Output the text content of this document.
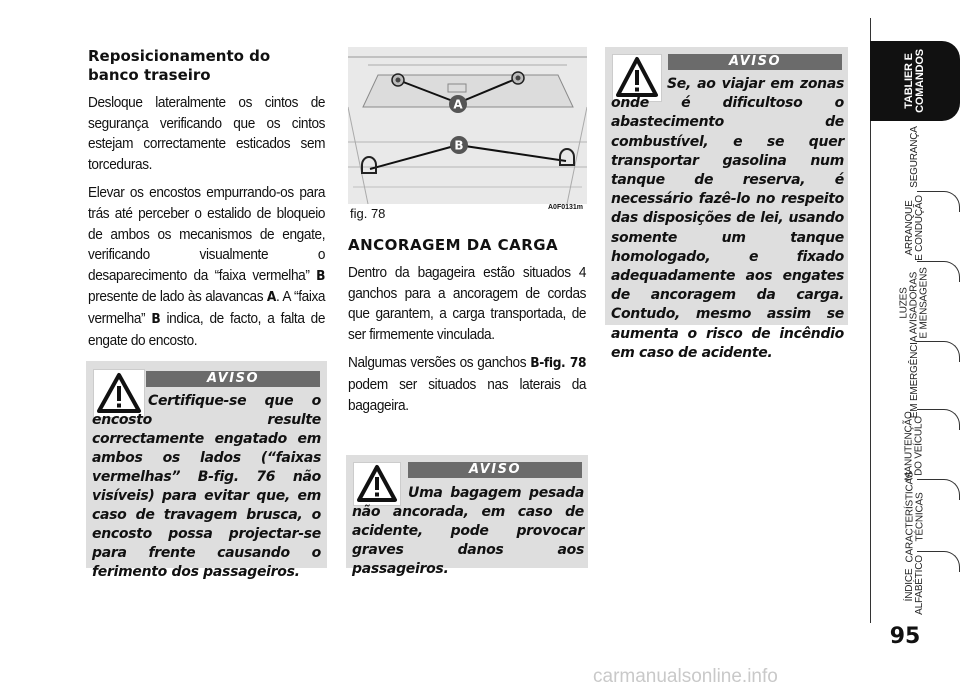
Reposicionamento do
banco traseiro

Desloque lateralmente os cintos de segurança verificando que os cintos estejam correctamente esticados sem torceduras.

Elevar os encostos empurrando-os para trás até perceber o estalido de bloqueio de ambos os mecanismos de engate, verificando visualmente o desaparecimento da “faixa vermelha” B presente de lado às alavancas A. A “faixa vermelha” B indica, de facto, a falta de engate do encosto.

AVISO
Certifique-se que o encosto resulte correctamente engatado em ambos os lados (“faixas vermelhas” B-fig. 76 não visíveis) para evitar que, em caso de travagem brusca, o encosto possa projectar-se para frente causando o ferimento dos passageiros.
A
B
fig. 78	A0F0131m
ANCORAGEM DA CARGA

Dentro da bagageira estão situados 4 ganchos para a ancoragem de cordas que garantem, a carga transportada, de ser firmemente vinculada.

Nalgumas versões os ganchos B-fig. 78 podem ser situados nas laterais da bagageira.

AVISO
Uma bagagem pesada não ancorada, em caso de acidente, pode provocar graves danos aos passageiros.
AVISO
Se, ao viajar em zonas onde é dificultoso o abastecimento de combustível, e se quer transportar gasolina num tanque de reserva, é necessário fazê-lo no respeito das disposições de lei, usando somente um tanque homologado, e fixado adequadamente aos engates de ancoragem da carga. Contudo, mesmo assim se aumenta o risco de incêndio em caso de acidente.
TABLIER E
COMANDOS
SEGURANÇA
ARRANQUE
E CONDUÇÃO
LUZES
AVISADORAS
E MENSAGENS
EM EMERGÊNCIA
MANUTENÇÃO
DO VEÍCULO
CARACTERÍSTICAS
TÉCNICAS
ÍNDICE
ALFABÉTICO
95
carmanualsonline.info
